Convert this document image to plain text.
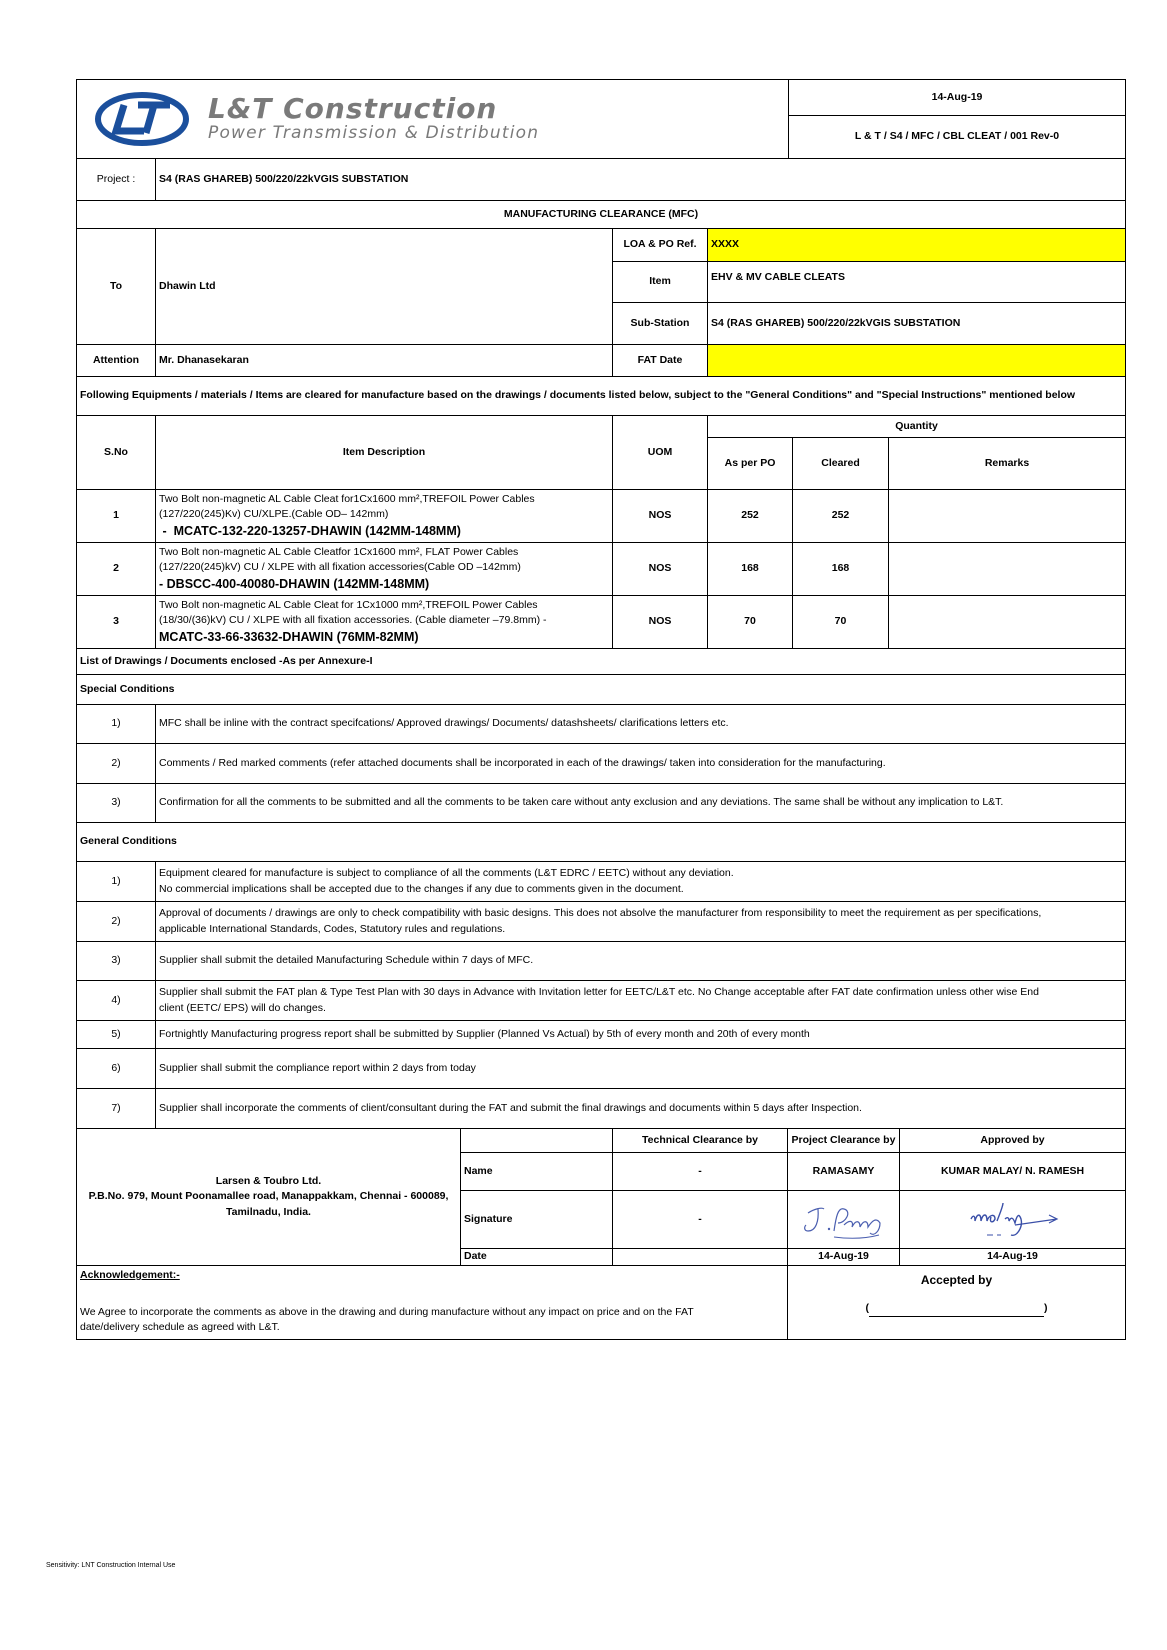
L&T Construction
Power Transmission & Distribution
	14-Aug-19
L & T / S4 / MFC / CBL CLEAT / 001 Rev-0
Project :	S4 (RAS GHAREB) 500/220/22kVGIS SUBSTATION		
MANUFACTURING CLEARANCE (MFC)			
To	Dhawin Ltd	LOA & PO Ref.	XXXX
		Item	EHV & MV CABLE CLEATS
		Sub-Station	S4 (RAS GHAREB) 500/220/22kVGIS SUBSTATION
Attention	Mr. Dhanasekaran	FAT Date	
Following Equipments / materials / Items are cleared for manufacture based on the drawings / documents listed below, subject to the "General Conditions" and "Special Instructions" mentioned below			
S.No	Item Description	UOM	Quantity		
			As per PO	Cleared	Remarks
1	Two Bolt non-magnetic AL Cable Cleat for1Cx1600 mm²,TREFOIL Power Cables
(127/220(245)Kv) CU/XLPE.(Cable OD– 142mm)
-  MCATC-132-220-13257-DHAWIN (142MM-148MM)	NOS	252	252	
2	Two Bolt non-magnetic AL Cable Cleatfor 1Cx1600 mm², FLAT Power Cables
(127/220(245)kV) CU / XLPE with all fixation accessories(Cable OD –142mm)
- DBSCC-400-40080-DHAWIN (142MM-148MM)	NOS	168	168	
3	Two Bolt non-magnetic AL Cable Cleat for 1Cx1000 mm²,TREFOIL Power Cables
(18/30/(36)kV) CU / XLPE with all fixation accessories. (Cable diameter –79.8mm) -
MCATC-33-66-33632-DHAWIN (76MM-82MM)	NOS	70	70	
List of Drawings / Documents enclosed -As per Annexure-I	
Special Conditions	
1)	MFC shall be inline with the contract specifcations/ Approved drawings/ Documents/ datashsheets/ clarifications letters etc.
2)	Comments / Red marked comments (refer attached documents shall be incorporated in each of the drawings/ taken into consideration for the manufacturing.
3)	Confirmation for all the comments to be submitted and all the comments to be taken care without anty exclusion and any deviations. The same shall be without any implication to L&T.
General Conditions	
1)	Equipment cleared for manufacture is subject to compliance of all the comments (L&T EDRC / EETC) without any deviation.
No commercial implications shall be accepted due to the changes if any due to comments given in the document.

2)	Approval of documents / drawings are only to check compatibility with basic designs. This does not absolve the manufacturer from responsibility to meet the requirement as per specifications,
applicable International Standards, Codes, Statutory rules and regulations.

3)	Supplier shall submit the detailed Manufacturing Schedule within 7 days of MFC.
4)	Supplier shall submit the FAT plan & Type Test Plan with 30 days in Advance with Invitation letter for EETC/L&T etc. No Change acceptable after FAT date confirmation unless other wise End
client (EETC/ EPS) will do changes.

5)	Fortnightly Manufacturing progress report shall be submitted by Supplier (Planned Vs Actual) by 5th of every month and 20th of every month
6)	Supplier shall submit the compliance report within 2 days from today
7)	Supplier shall incorporate the comments of client/consultant during the FAT and submit the final drawings and documents within 5 days after Inspection.
Larsen & Toubro Ltd.
P.B.No. 979, Mount Poonamallee road, Manappakkam, Chennai - 600089,
Tamilnadu, India.		Technical Clearance by	Project Clearance by	Approved by
	Name	-	RAMASAMY	KUMAR MALAY/ N. RAMESH
	Signature	-	

	Date		14-Aug-19	14-Aug-19
Acknowledgement:-
We Agree to incorporate the comments as above in the drawing and during manufacture without any impact on price and on the FAT
date/delivery schedule as agreed with L&T.

Accepted by
(	)
Sensitivity: LNT Construction Internal Use
